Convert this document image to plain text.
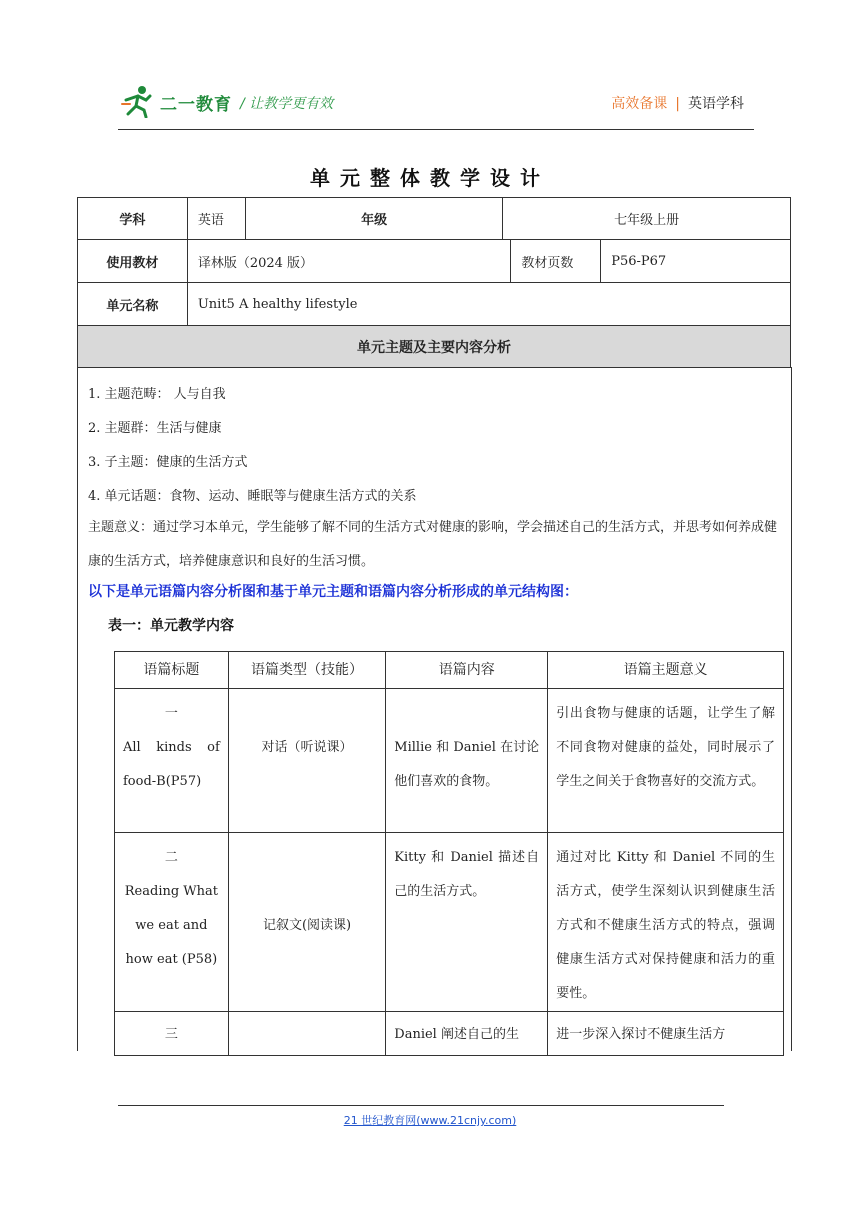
二一教育 / 让教学更有效	高效备课 | 英语学科
单元整体教学设计
学科	英语	年级	七年级上册		
使用教材	译林版（2024 版）			教材页数	P56-P67
单元名称	Unit5 A healthy lifestyle				
单元主题及主要内容分析					
1. 主题范畴： 人与自我
2. 主题群：生活与健康
3. 子主题：健康的生活方式
4. 单元话题：食物、运动、睡眠等与健康生活方式的关系
主题意义：通过学习本单元，学生能够了解不同的生活方式对健康的影响，学会描述自己的生活方式，并思考如何养成健康的生活方式，培养健康意识和良好的生活习惯。
以下是单元语篇内容分析图和基于单元主题和语篇内容分析形成的单元结构图：
表一：单元教学内容
语篇标题	语篇类型（技能）	语篇内容	语篇主题意义

一
All kinds of food-B(P57)	对话（听说课）	Millie 和 Daniel 在讨论他们喜欢的食物。	引出食物与健康的话题，让学生了解不同食物对健康的益处，同时展示了学生之间关于食物喜好的交流方式。

二
Reading What we eat and how eat (P58)	记叙文(阅读课)	Kitty 和 Daniel 描述自己的生活方式。	通过对比 Kitty 和 Daniel 不同的生活方式，使学生深刻认识到健康生活方式和不健康生活方式的特点，强调健康生活方式对保持健康和活力的重要性。
三		Daniel 阐述自己的生	进一步深入探讨不健康生活方
21 世纪教育网(www.21cnjy.com)
